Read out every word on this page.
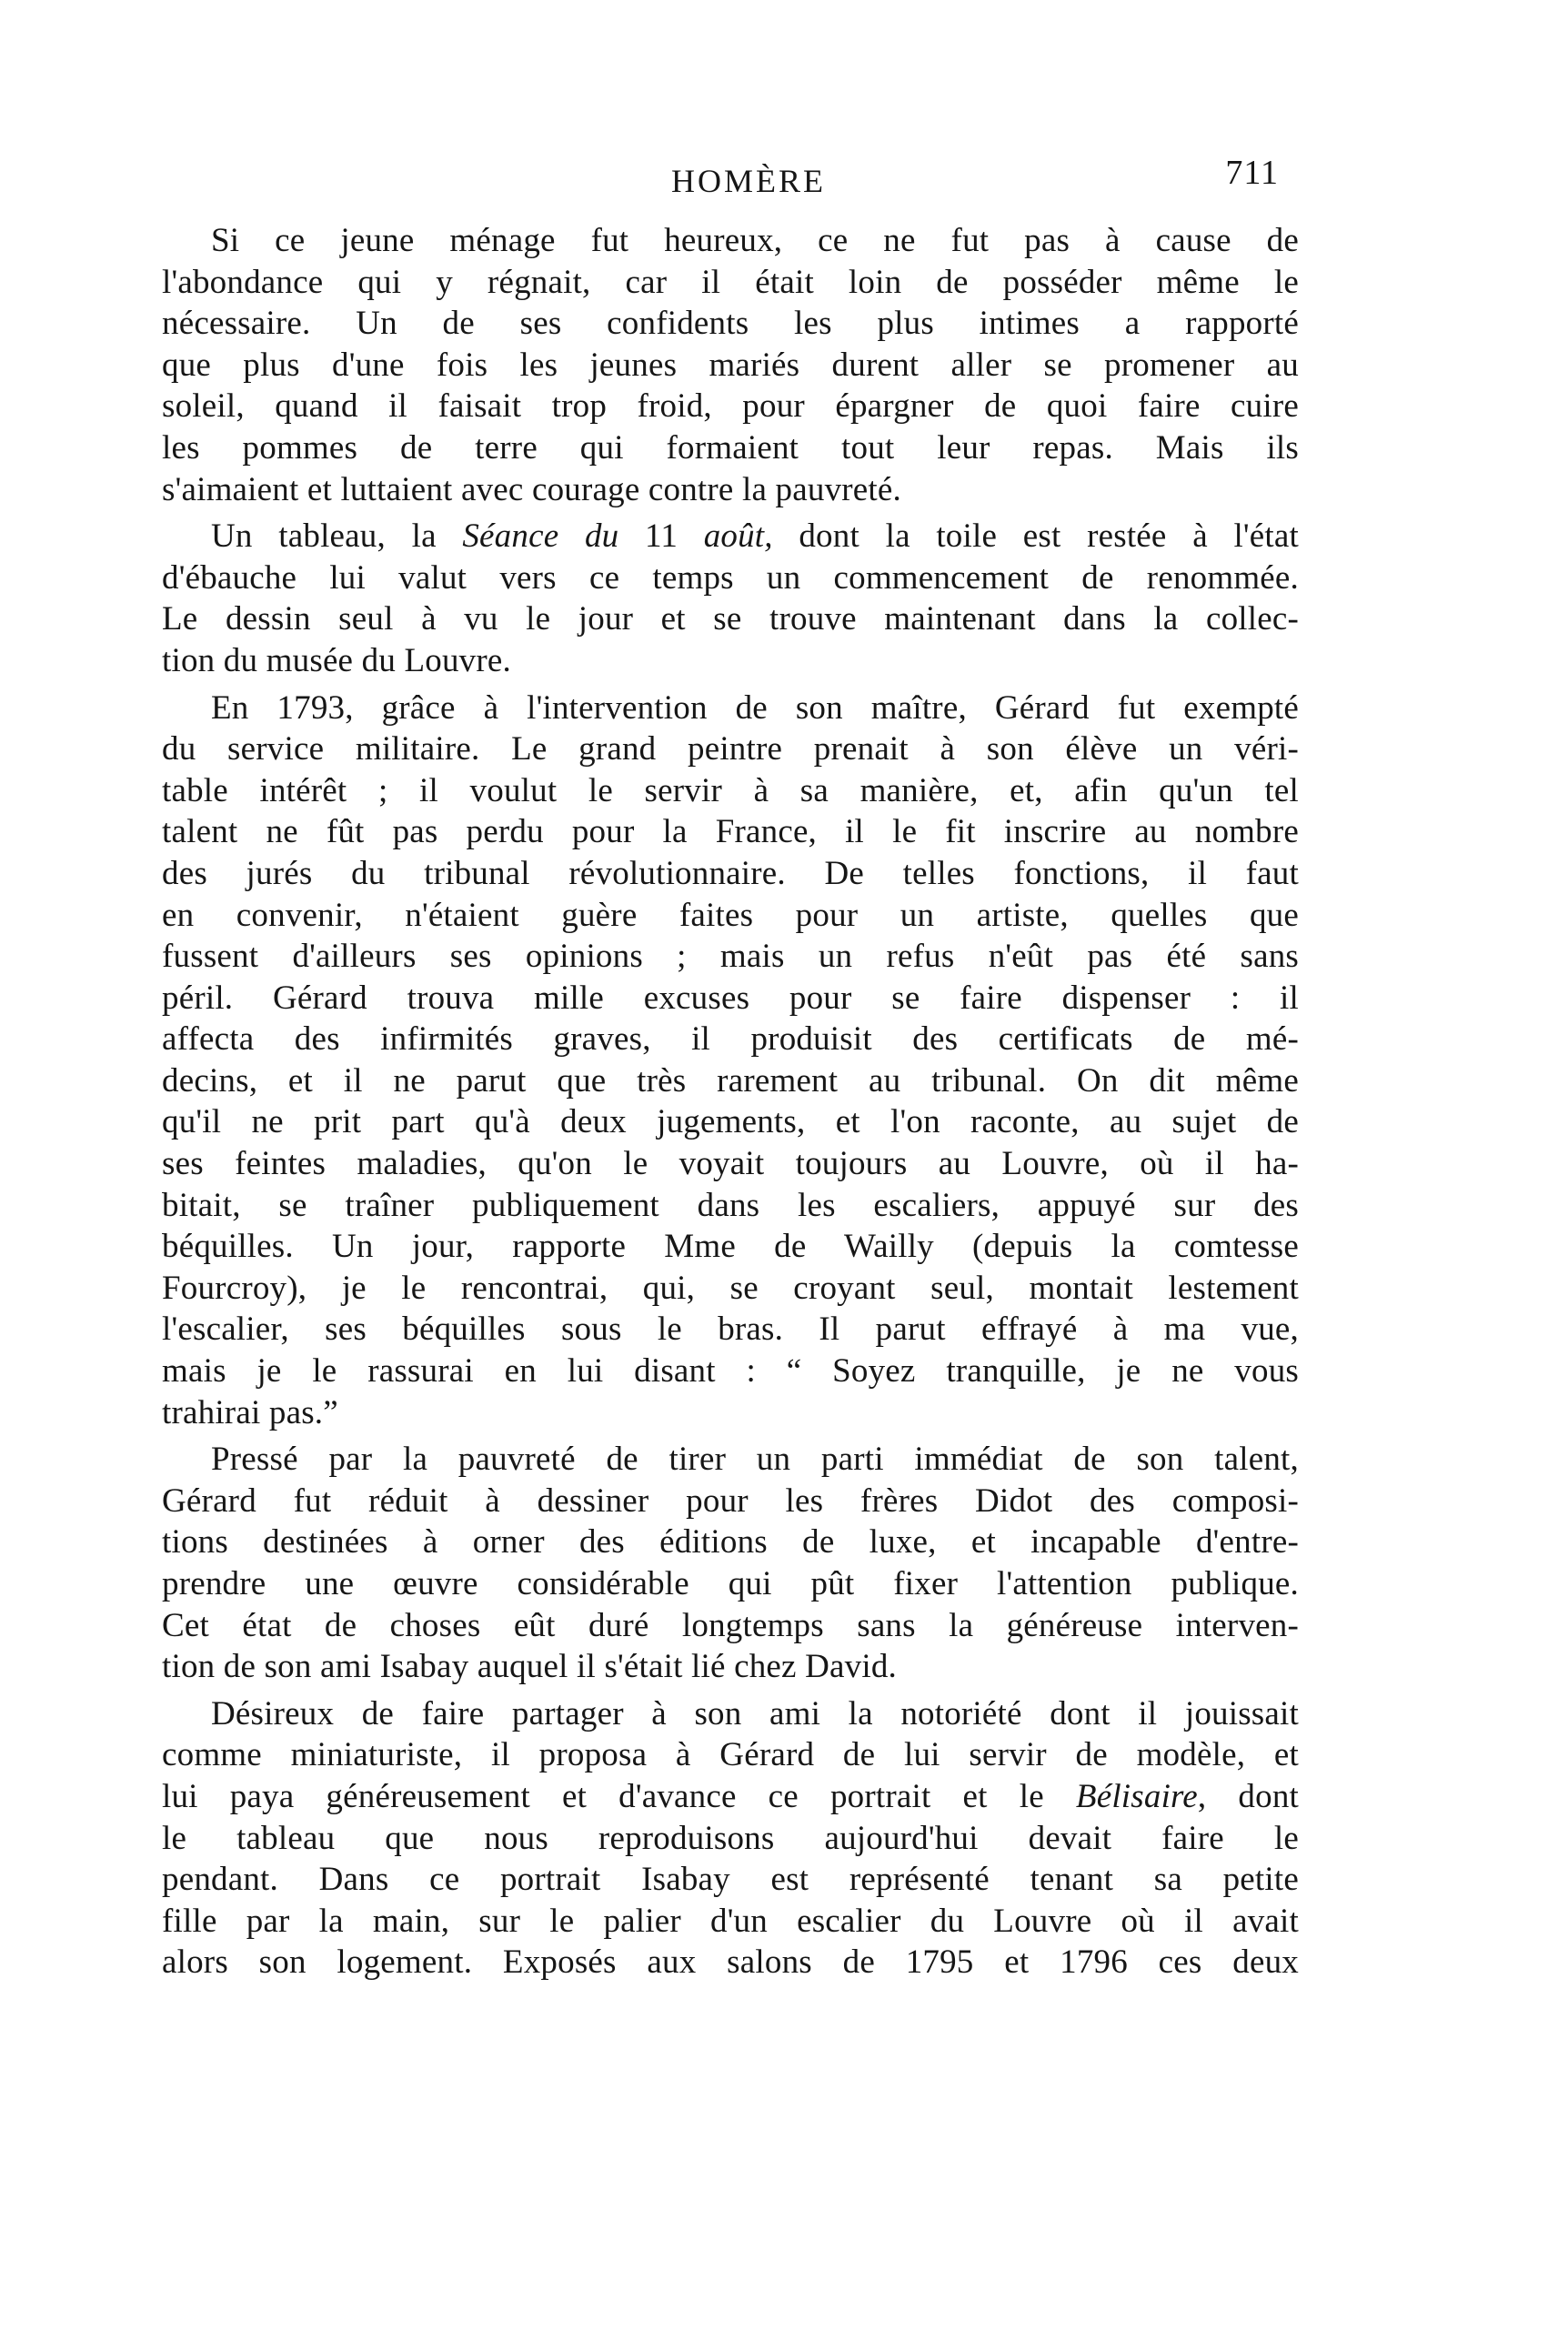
HOMÈRE	711
Si ce jeune ménage fut heureux, ce ne fut pas à cause de
l'abondance qui y régnait, car il était loin de posséder même le
nécessaire. Un de ses confidents les plus intimes a rapporté
que plus d'une fois les jeunes mariés durent aller se promener au
soleil, quand il faisait trop froid, pour épargner de quoi faire cuire
les pommes de terre qui formaient tout leur repas. Mais ils
s'aimaient et luttaient avec courage contre la pauvreté.
Un tableau, la Séance du 11 août, dont la toile est restée à l'état
d'ébauche lui valut vers ce temps un commencement de renommée.
Le dessin seul à vu le jour et se trouve maintenant dans la collec-
tion du musée du Louvre.
En 1793, grâce à l'intervention de son maître, Gérard fut exempté
du service militaire. Le grand peintre prenait à son élève un véri-
table intérêt ; il voulut le servir à sa manière, et, afin qu'un tel
talent ne fût pas perdu pour la France, il le fit inscrire au nombre
des jurés du tribunal révolutionnaire. De telles fonctions, il faut
en convenir, n'étaient guère faites pour un artiste, quelles que
fussent d'ailleurs ses opinions ; mais un refus n'eût pas été sans
péril. Gérard trouva mille excuses pour se faire dispenser : il
affecta des infirmités graves, il produisit des certificats de mé-
decins, et il ne parut que très rarement au tribunal. On dit même
qu'il ne prit part qu'à deux jugements, et l'on raconte, au sujet de
ses feintes maladies, qu'on le voyait toujours au Louvre, où il ha-
bitait, se traîner publiquement dans les escaliers, appuyé sur des
béquilles. Un jour, rapporte Mme de Wailly (depuis la comtesse
Fourcroy), je le rencontrai, qui, se croyant seul, montait lestement
l'escalier, ses béquilles sous le bras. Il parut effrayé à ma vue,
mais je le rassurai en lui disant : “ Soyez tranquille, je ne vous
trahirai pas.”
Pressé par la pauvreté de tirer un parti immédiat de son talent,
Gérard fut réduit à dessiner pour les frères Didot des composi-
tions destinées à orner des éditions de luxe, et incapable d'entre-
prendre une œuvre considérable qui pût fixer l'attention publique.
Cet état de choses eût duré longtemps sans la généreuse interven-
tion de son ami Isabay auquel il s'était lié chez David.
Désireux de faire partager à son ami la notoriété dont il jouissait
comme miniaturiste, il proposa à Gérard de lui servir de modèle, et
lui paya généreusement et d'avance ce portrait et le Bélisaire, dont
le tableau que nous reproduisons aujourd'hui devait faire le
pendant. Dans ce portrait Isabay est représenté tenant sa petite
fille par la main, sur le palier d'un escalier du Louvre où il avait
alors son logement. Exposés aux salons de 1795 et 1796 ces deux
